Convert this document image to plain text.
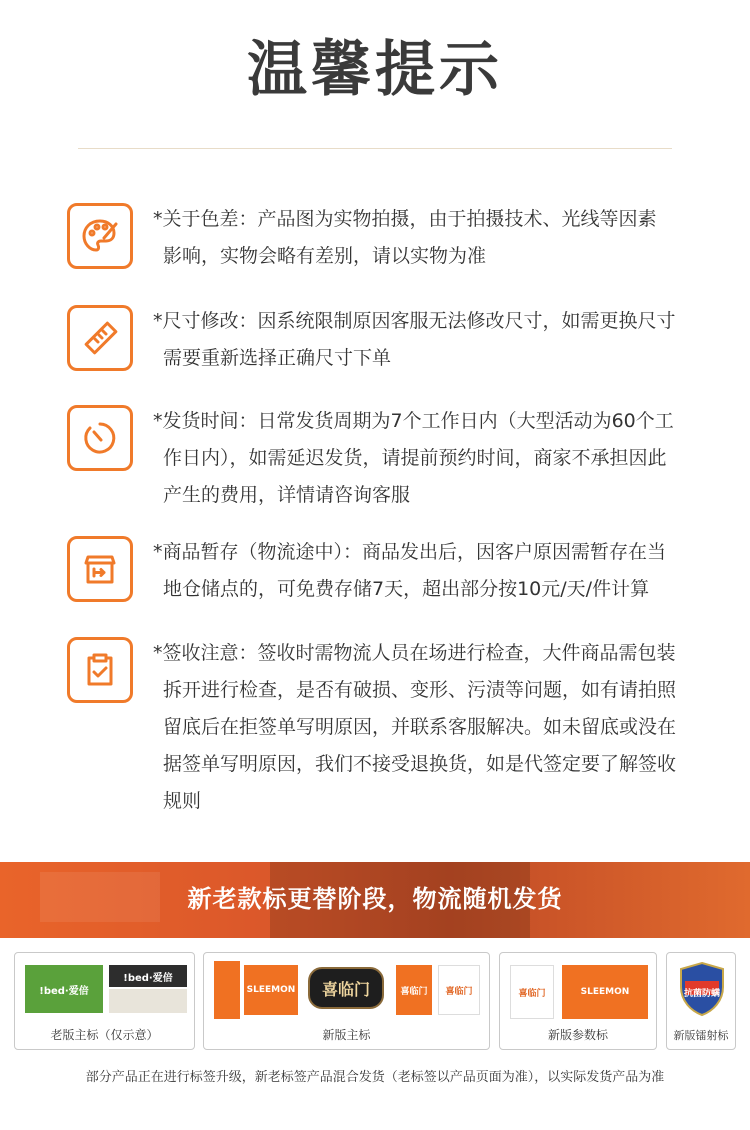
温馨提示
*关于色差：产品图为实物拍摄，由于拍摄技术、光线等因素
影响，实物会略有差别，请以实物为准
*尺寸修改：因系统限制原因客服无法修改尺寸，如需更换尺寸
需要重新选择正确尺寸下单
*发货时间：日常发货周期为7个工作日内（大型活动为60个工
作日内），如需延迟发货，请提前预约时间，商家不承担因此
产生的费用，详情请咨询客服
*商品暂存（物流途中）：商品发出后，因客户原因需暂存在当
地仓储点的，可免费存储7天，超出部分按10元/天/件计算
*签收注意：签收时需物流人员在场进行检查，大件商品需包装
拆开进行检查，是否有破损、变形、污渍等问题，如有请拍照
留底后在拒签单写明原因，并联系客服解决。如未留底或没在
据签单写明原因，我们不接受退换货，如是代签定要了解签收
规则
新老款标更替阶段，物流随机发货
!bed·爱倍
!bed·爱倍
老版主标（仅示意）
SLEEMON	喜临门	喜临门	喜临门
新版主标
喜临门	SLEEMON
新版参数标
抗菌防螨
新版镭射标
部分产品正在进行标签升级，新老标签产品混合发货（老标签以产品页面为准），以实际发货产品为准
